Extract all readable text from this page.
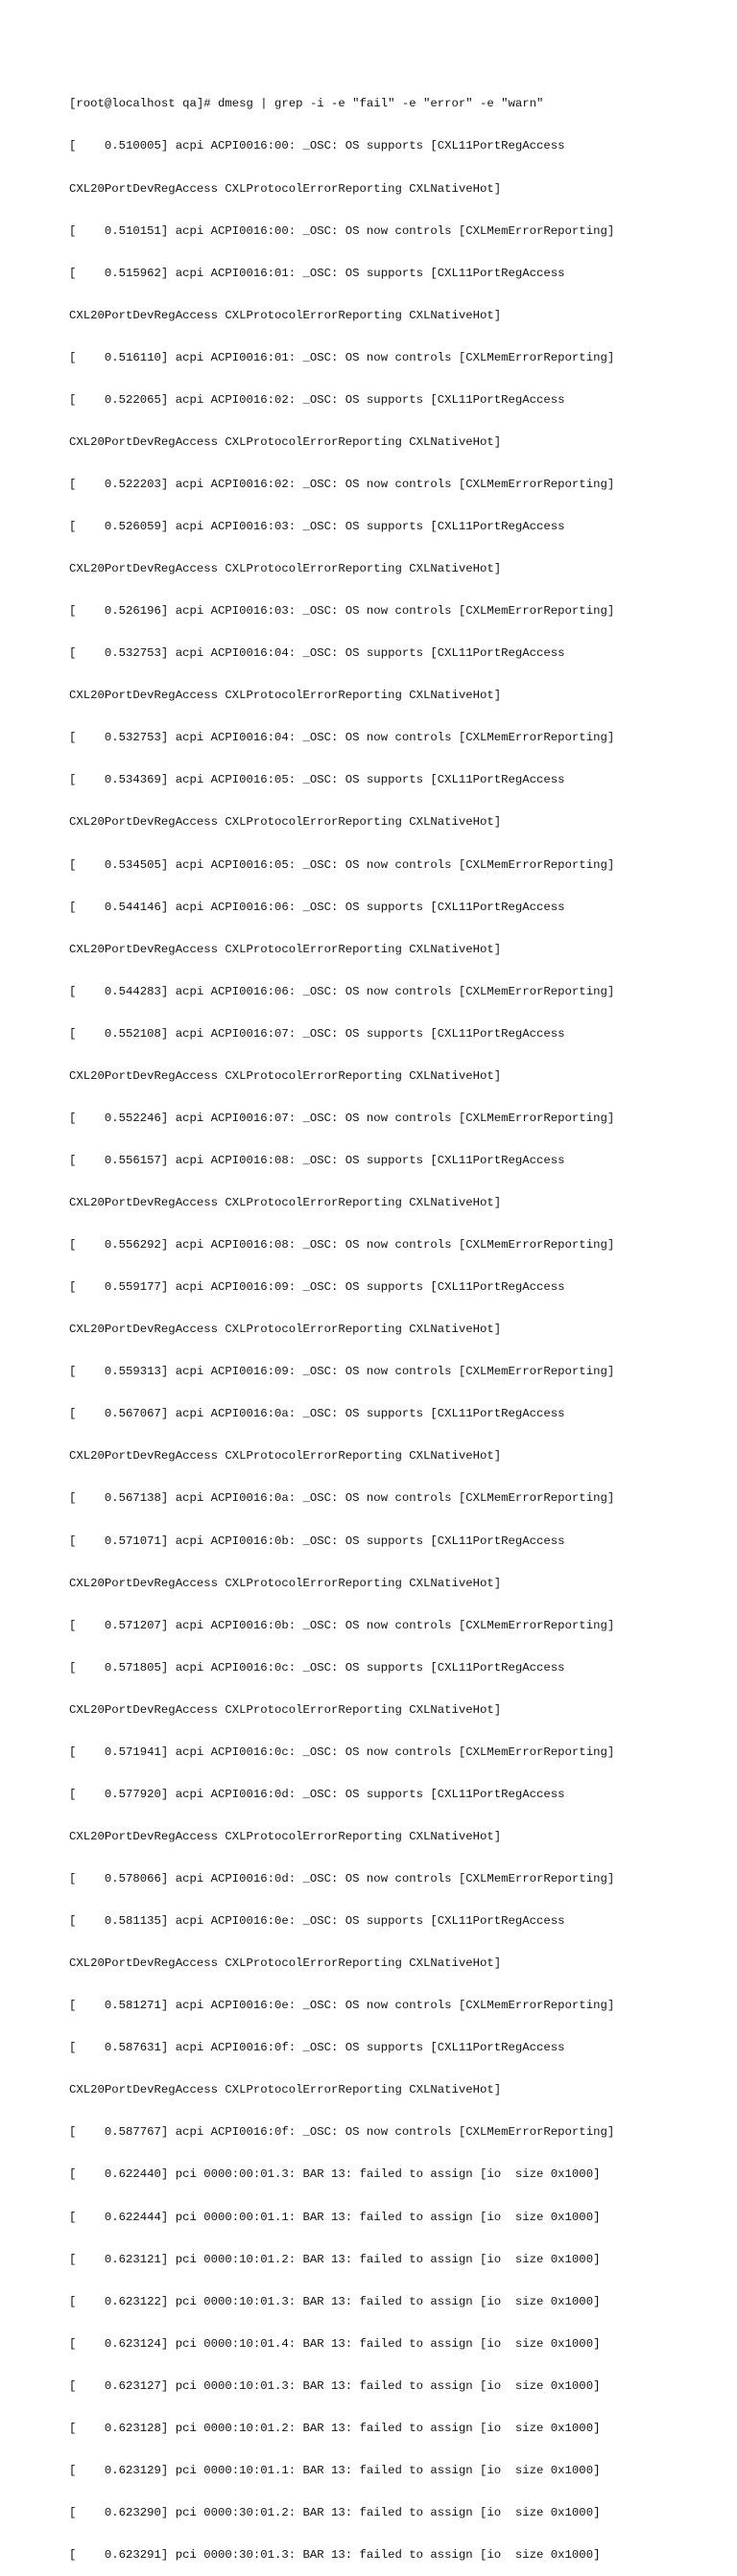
[root@localhost qa]# dmesg | grep -i -e "fail" -e "error" -e "warn"

[    0.510005] acpi ACPI0016:00: _OSC: OS supports [CXL11PortRegAccess

CXL20PortDevRegAccess CXLProtocolErrorReporting CXLNativeHot]

[    0.510151] acpi ACPI0016:00: _OSC: OS now controls [CXLMemErrorReporting]

[    0.515962] acpi ACPI0016:01: _OSC: OS supports [CXL11PortRegAccess

CXL20PortDevRegAccess CXLProtocolErrorReporting CXLNativeHot]

[    0.516110] acpi ACPI0016:01: _OSC: OS now controls [CXLMemErrorReporting]

[    0.522065] acpi ACPI0016:02: _OSC: OS supports [CXL11PortRegAccess

CXL20PortDevRegAccess CXLProtocolErrorReporting CXLNativeHot]

[    0.522203] acpi ACPI0016:02: _OSC: OS now controls [CXLMemErrorReporting]

[    0.526059] acpi ACPI0016:03: _OSC: OS supports [CXL11PortRegAccess

CXL20PortDevRegAccess CXLProtocolErrorReporting CXLNativeHot]

[    0.526196] acpi ACPI0016:03: _OSC: OS now controls [CXLMemErrorReporting]

[    0.532753] acpi ACPI0016:04: _OSC: OS supports [CXL11PortRegAccess

CXL20PortDevRegAccess CXLProtocolErrorReporting CXLNativeHot]

[    0.532753] acpi ACPI0016:04: _OSC: OS now controls [CXLMemErrorReporting]

[    0.534369] acpi ACPI0016:05: _OSC: OS supports [CXL11PortRegAccess

CXL20PortDevRegAccess CXLProtocolErrorReporting CXLNativeHot]

[    0.534505] acpi ACPI0016:05: _OSC: OS now controls [CXLMemErrorReporting]

[    0.544146] acpi ACPI0016:06: _OSC: OS supports [CXL11PortRegAccess

CXL20PortDevRegAccess CXLProtocolErrorReporting CXLNativeHot]

[    0.544283] acpi ACPI0016:06: _OSC: OS now controls [CXLMemErrorReporting]

[    0.552108] acpi ACPI0016:07: _OSC: OS supports [CXL11PortRegAccess

CXL20PortDevRegAccess CXLProtocolErrorReporting CXLNativeHot]

[    0.552246] acpi ACPI0016:07: _OSC: OS now controls [CXLMemErrorReporting]

[    0.556157] acpi ACPI0016:08: _OSC: OS supports [CXL11PortRegAccess

CXL20PortDevRegAccess CXLProtocolErrorReporting CXLNativeHot]

[    0.556292] acpi ACPI0016:08: _OSC: OS now controls [CXLMemErrorReporting]

[    0.559177] acpi ACPI0016:09: _OSC: OS supports [CXL11PortRegAccess

CXL20PortDevRegAccess CXLProtocolErrorReporting CXLNativeHot]

[    0.559313] acpi ACPI0016:09: _OSC: OS now controls [CXLMemErrorReporting]

[    0.567067] acpi ACPI0016:0a: _OSC: OS supports [CXL11PortRegAccess

CXL20PortDevRegAccess CXLProtocolErrorReporting CXLNativeHot]

[    0.567138] acpi ACPI0016:0a: _OSC: OS now controls [CXLMemErrorReporting]

[    0.571071] acpi ACPI0016:0b: _OSC: OS supports [CXL11PortRegAccess

CXL20PortDevRegAccess CXLProtocolErrorReporting CXLNativeHot]

[    0.571207] acpi ACPI0016:0b: _OSC: OS now controls [CXLMemErrorReporting]

[    0.571805] acpi ACPI0016:0c: _OSC: OS supports [CXL11PortRegAccess

CXL20PortDevRegAccess CXLProtocolErrorReporting CXLNativeHot]

[    0.571941] acpi ACPI0016:0c: _OSC: OS now controls [CXLMemErrorReporting]

[    0.577920] acpi ACPI0016:0d: _OSC: OS supports [CXL11PortRegAccess

CXL20PortDevRegAccess CXLProtocolErrorReporting CXLNativeHot]

[    0.578066] acpi ACPI0016:0d: _OSC: OS now controls [CXLMemErrorReporting]

[    0.581135] acpi ACPI0016:0e: _OSC: OS supports [CXL11PortRegAccess

CXL20PortDevRegAccess CXLProtocolErrorReporting CXLNativeHot]

[    0.581271] acpi ACPI0016:0e: _OSC: OS now controls [CXLMemErrorReporting]

[    0.587631] acpi ACPI0016:0f: _OSC: OS supports [CXL11PortRegAccess

CXL20PortDevRegAccess CXLProtocolErrorReporting CXLNativeHot]

[    0.587767] acpi ACPI0016:0f: _OSC: OS now controls [CXLMemErrorReporting]

[    0.622440] pci 0000:00:01.3: BAR 13: failed to assign [io  size 0x1000]

[    0.622444] pci 0000:00:01.1: BAR 13: failed to assign [io  size 0x1000]

[    0.623121] pci 0000:10:01.2: BAR 13: failed to assign [io  size 0x1000]

[    0.623122] pci 0000:10:01.3: BAR 13: failed to assign [io  size 0x1000]

[    0.623124] pci 0000:10:01.4: BAR 13: failed to assign [io  size 0x1000]

[    0.623127] pci 0000:10:01.3: BAR 13: failed to assign [io  size 0x1000]

[    0.623128] pci 0000:10:01.2: BAR 13: failed to assign [io  size 0x1000]

[    0.623129] pci 0000:10:01.1: BAR 13: failed to assign [io  size 0x1000]

[    0.623290] pci 0000:30:01.2: BAR 13: failed to assign [io  size 0x1000]

[    0.623291] pci 0000:30:01.3: BAR 13: failed to assign [io  size 0x1000]
